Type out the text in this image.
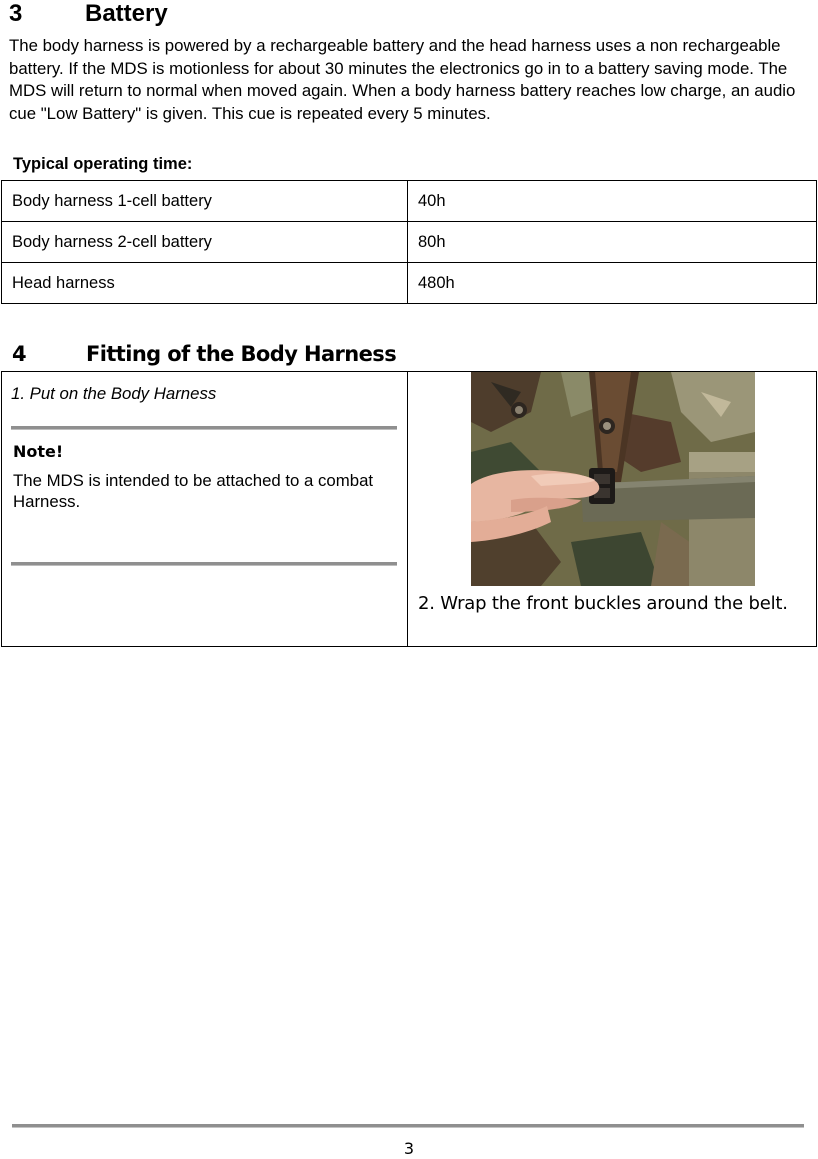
3	Battery

The body harness is powered by a rechargeable battery and the head harness uses a non rechargeable battery. If the MDS is motionless for about 30 minutes the electronics go in to a battery saving mode. The MDS will return to normal when moved again. When a body harness battery reaches low charge, an audio cue "Low Battery" is given. This cue is repeated every 5 minutes.

Typical operating time:
Body harness 1-cell battery	40h
Body harness 2-cell battery	80h
Head harness	480h
4	Fitting of the Body Harness
1. Put on the Body Harness
Note!
The MDS is intended to be attached to a combat Harness.

2. Wrap the front buckles around the belt.
3
